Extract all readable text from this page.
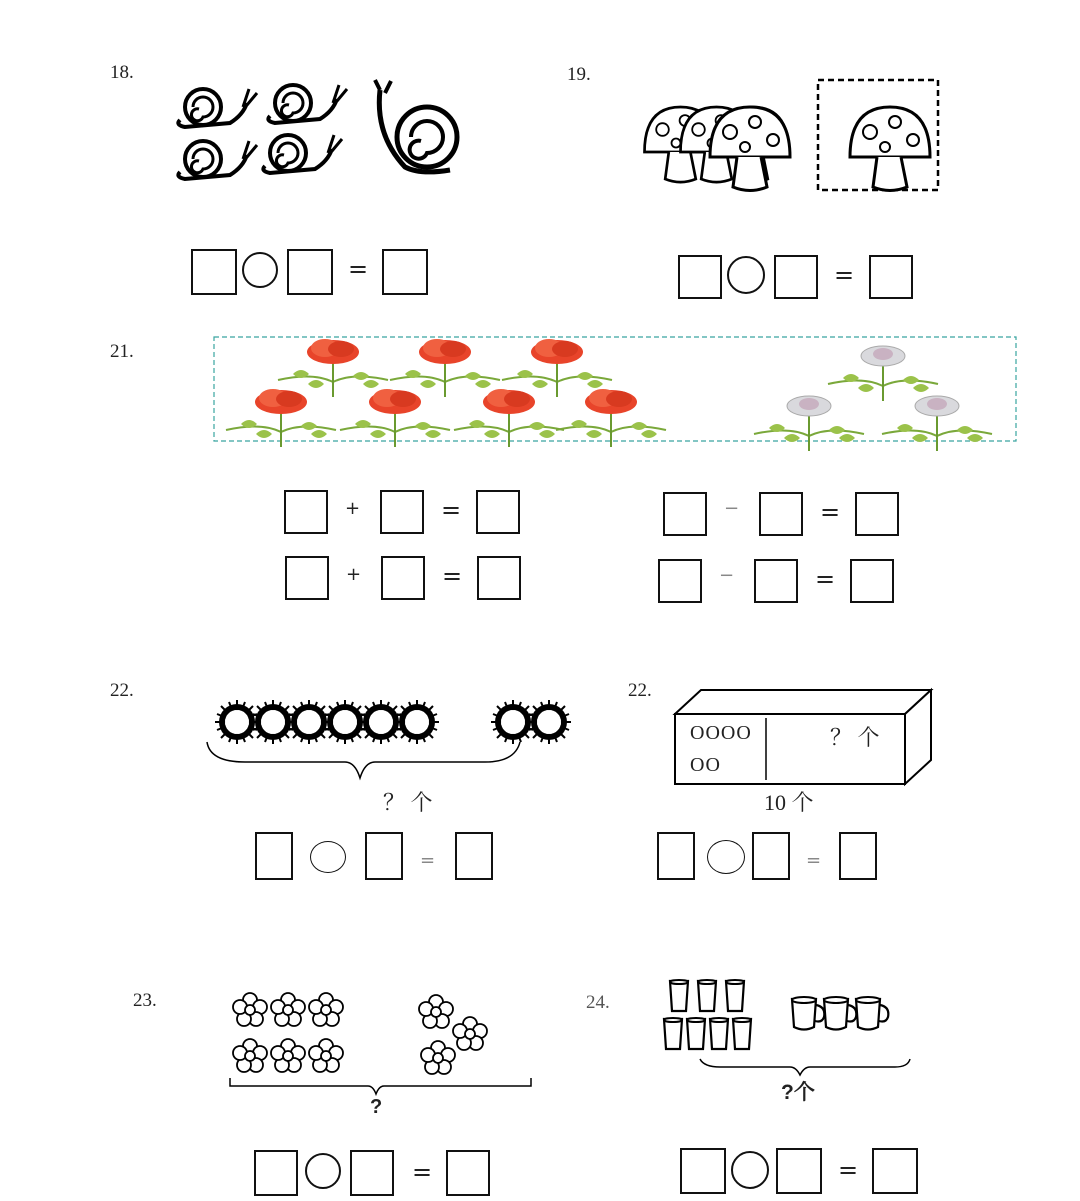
18.
=
19.
=
21.
+	=	−	=
+	=	−	=
22.
？ 个
=
22.
OOOO
OO
？ 个
10 个
=
23.
?
=
24.
?个
=
